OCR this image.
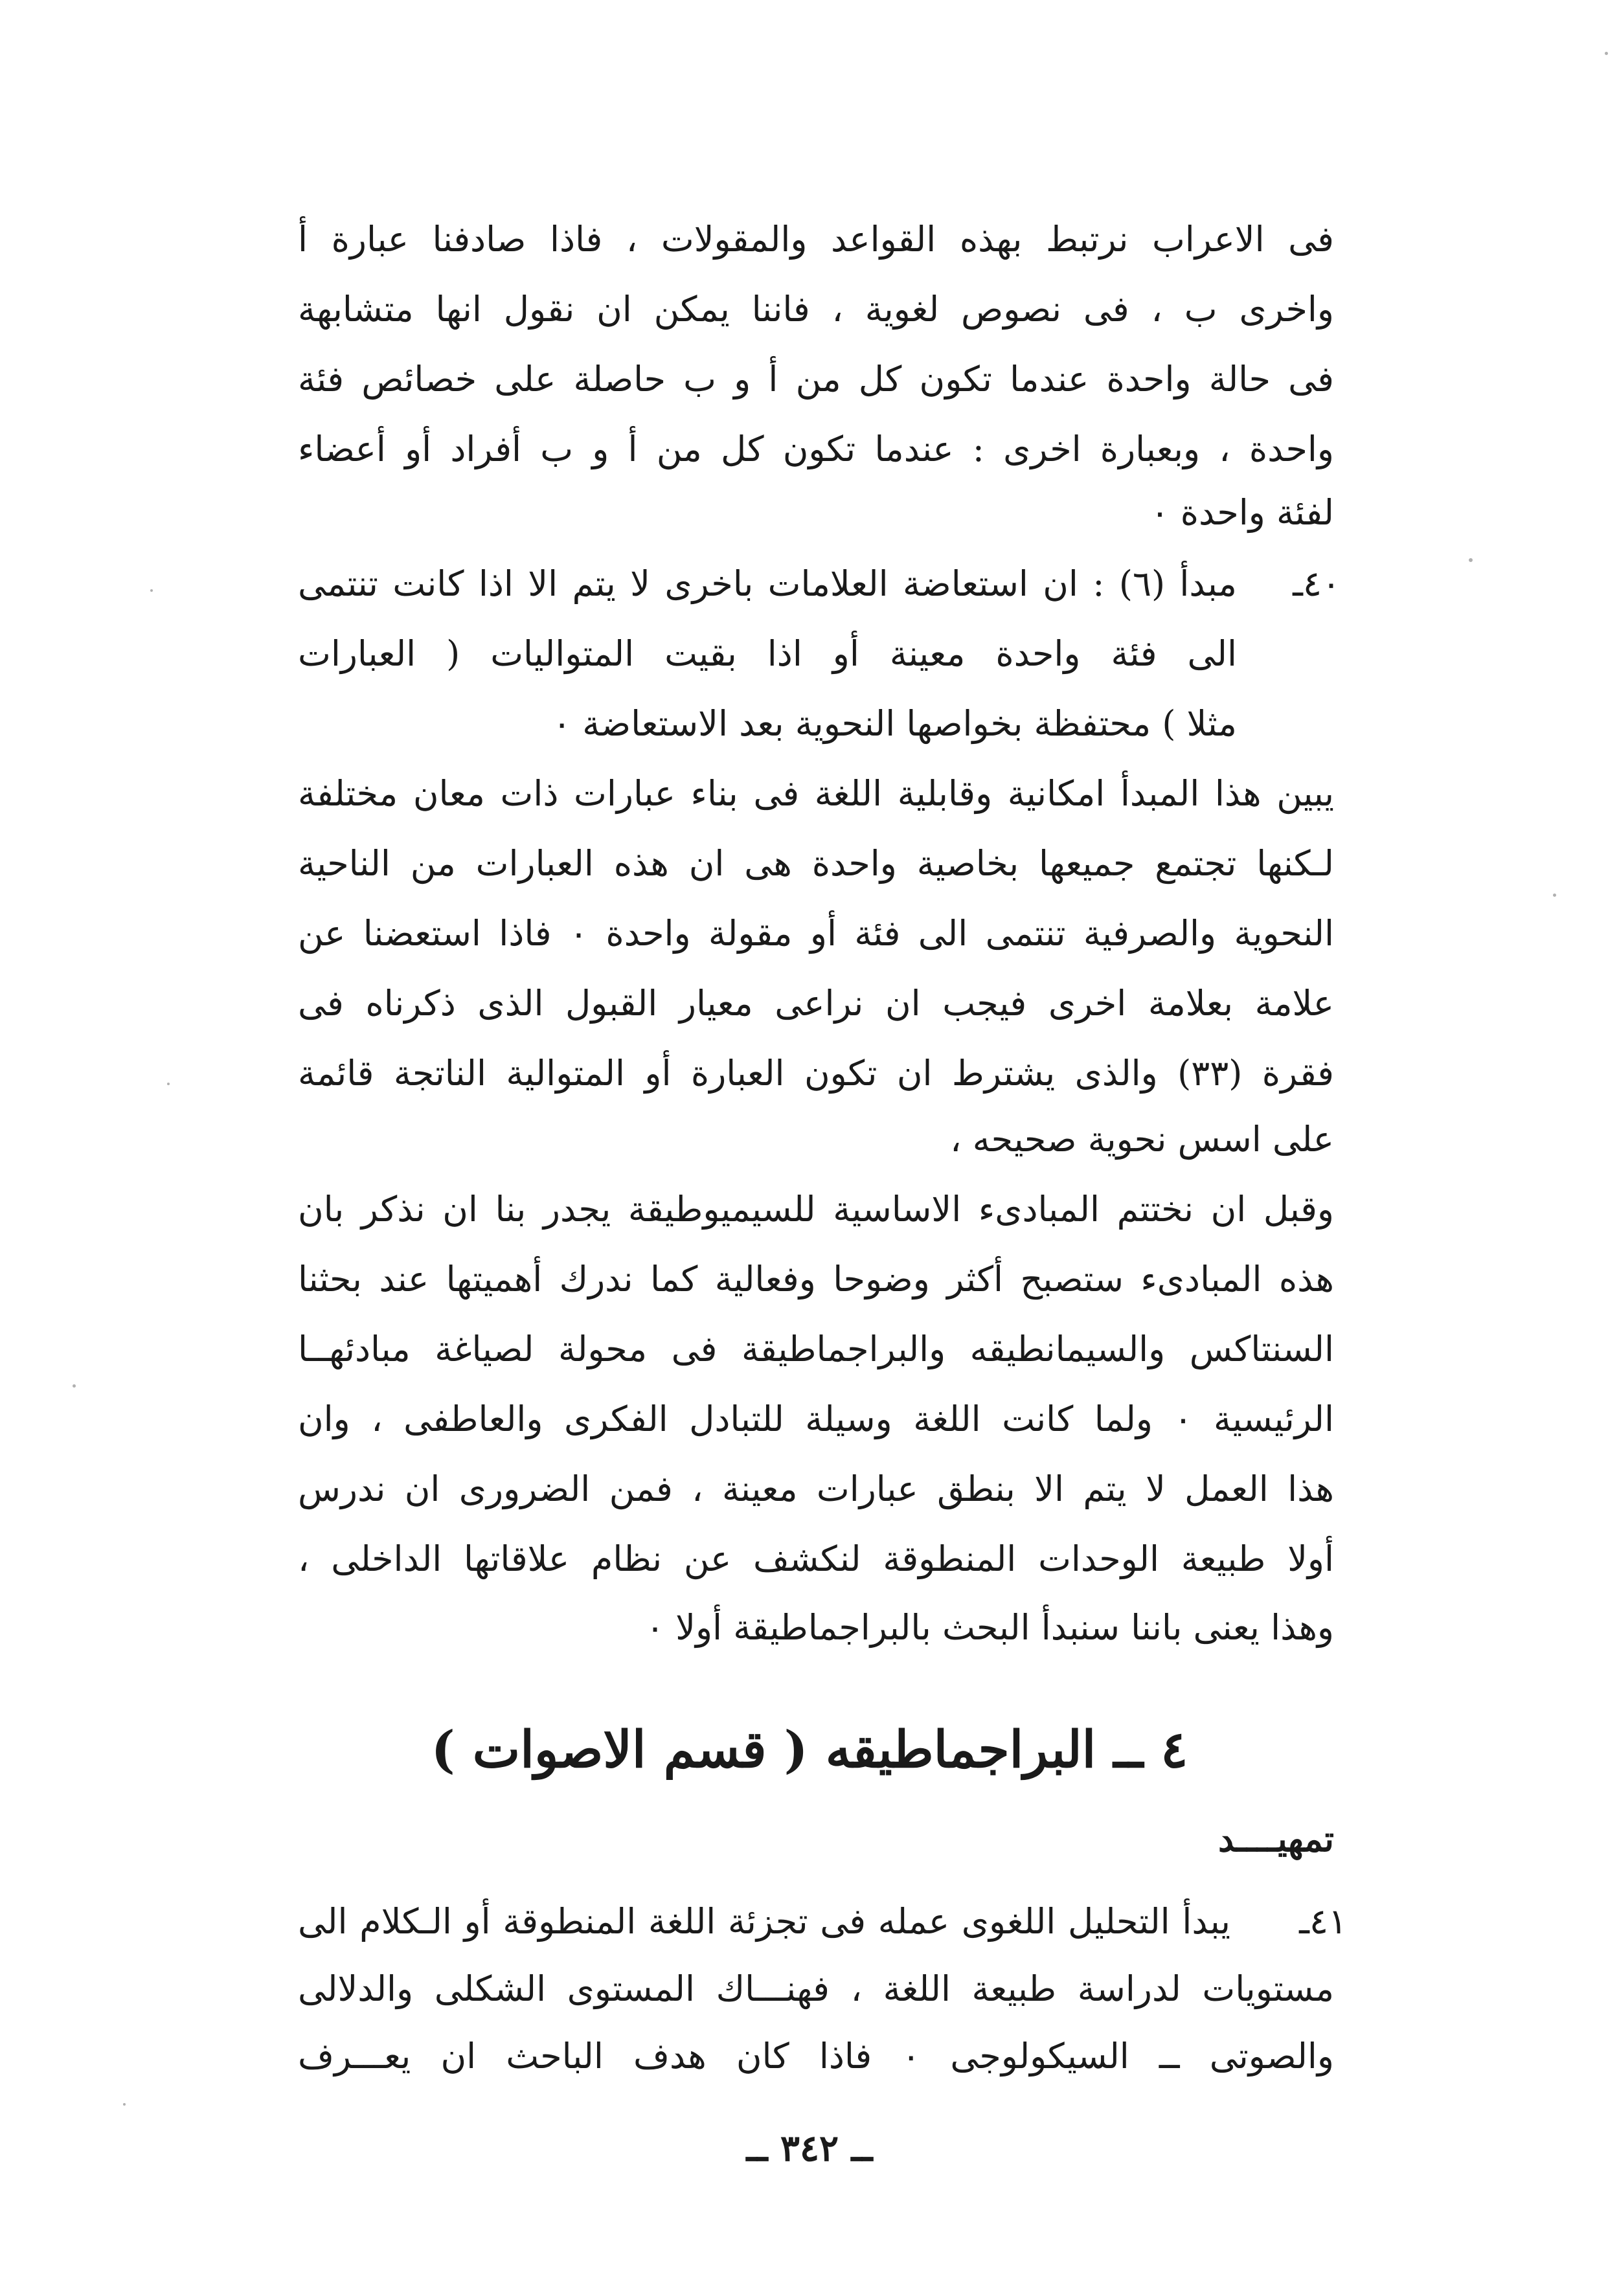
فى الاعراب نرتبط بهذه القواعد والمقولات ، فاذا صادفنا عبارة أ
واخرى ب ، فى نصوص لغوية ، فاننا يمكن ان نقول انها متشابهة
فى حالة واحدة عندما تكون كل من أ و ب حاصلة على خصائص فئة
واحدة ، وبعبارة اخرى : عندما تكون كل من أ و ب أفراد أو أعضاء
لفئة واحدة ٠
٤٠ـ
مبدأ (٦) : ان استعاضة العلامات باخرى لا يتم الا اذا كانت تنتمى
الى فئة واحدة معينة أو اذا بقيت المتواليات ( العبارات
مثلا ) محتفظة بخواصها النحوية بعد الاستعاضة ٠
يبين هذا المبدأ امكانية وقابلية اللغة فى بناء عبارات ذات معان مختلفة
لـكنها تجتمع جميعها بخاصية واحدة هى ان هذه العبارات من الناحية
النحوية والصرفية تنتمى الى فئة أو مقولة واحدة ٠ فاذا استعضنا عن
علامة بعلامة اخرى فيجب ان نراعى معيار القبول الذى ذكرناه فى
فقرة (٣٣) والذى يشترط ان تكون العبارة أو المتوالية الناتجة قائمة
على اسس نحوية صحيحه ،
وقبل ان نختتم المبادىء الاساسية للسيميوطيقة يجدر بنا ان نذكر بان
هذه المبادىء ستصبح أكثر وضوحا وفعالية كما ندرك أهميتها عند بحثنا
السنتاكس والسيمانطيقه والبراجماطيقة فى محولة لصياغة مبادئهــا
الرئيسية ٠ ولما كانت اللغة وسيلة للتبادل الفكرى والعاطفى ، وان
هذا العمل لا يتم الا بنطق عبارات معينة ، فمن الضرورى ان ندرس
أولا طبيعة الوحدات المنطوقة لنكشف عن نظام علاقاتها الداخلى ،
وهذا يعنى باننا سنبدأ البحث بالبراجماطيقة أولا ٠
٤ ــ البراجماطيقه ( قسم الاصوات )
تمهيــــد
٤١ـ
يبدأ التحليل اللغوى عمله فى تجزئة اللغة المنطوقة أو الـكلام الى
مستويات لدراسة طبيعة اللغة ، فهنـــاك المستوى الشكلى والدلالى
والصوتى ــ السيكولوجى ٠ فاذا كان هدف الباحث ان يعـــرف
ــ ٣٤٢ ــ
